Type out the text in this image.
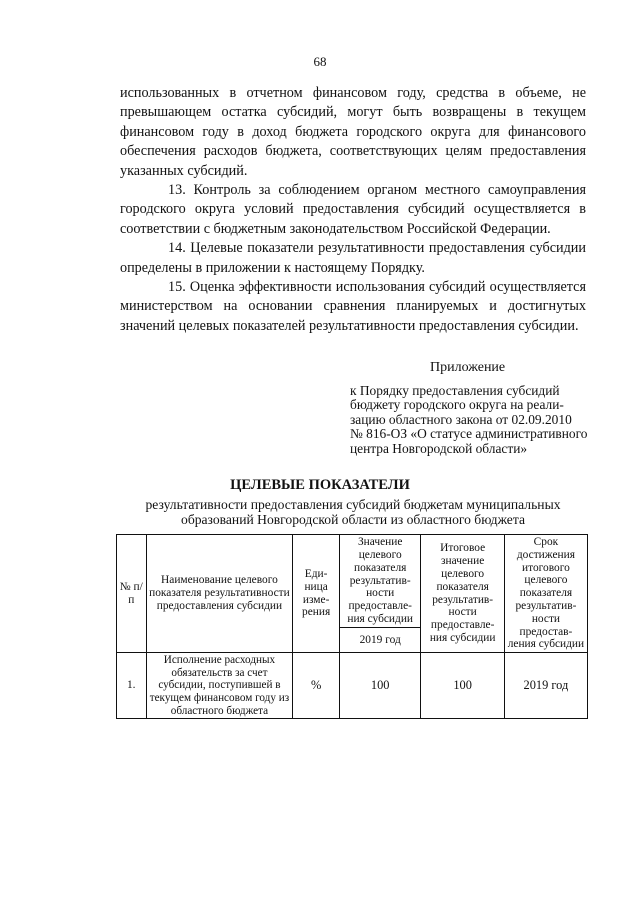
68

использованных в отчетном финансовом году, средства в объеме, не превышающем остатка субсидий, могут быть возвращены в текущем финансовом году в доход бюджета городского округа для финансового обеспечения расходов бюджета, соответствующих целям предоставления указанных субсидий.

13. Контроль за соблюдением органом местного самоуправления городского округа условий предоставления субсидий осуществляется в соответствии с бюджетным законодательством Российской Федерации.

14. Целевые показатели результативности предоставления субсидии определены в приложении к настоящему Порядку.

15. Оценка эффективности использования субсидий осуществляется министерством на основании сравнения планируемых и достигнутых значений целевых показателей результативности предоставления субсидии.

Приложение
к Порядку предоставления субсидий
бюджету городского округа на реали-
зацию областного закона от 02.09.2010
№ 816-ОЗ «О статусе административного
центра Новгородской области»
ЦЕЛЕВЫЕ ПОКАЗАТЕЛИ
результативности предоставления субсидий бюджетам муниципальных
образований Новгородской области из областного бюджета
№ п/п	Наименование целевого показателя результативности предоставления субсидии	Еди-ница изме-рения	Значение целевого показателя результатив-ности предоставле-ния субсидии	Итоговое значение целевого показателя результатив-ности предоставле-ния субсидии	Срок достижения итогового целевого показателя результатив-ности предостав-ления субсидии
			2019 год		
1.	Исполнение расходных обязательств за счет субсидии, поступившей в текущем финансовом году из областного бюджета	%	100	100	2019 год
